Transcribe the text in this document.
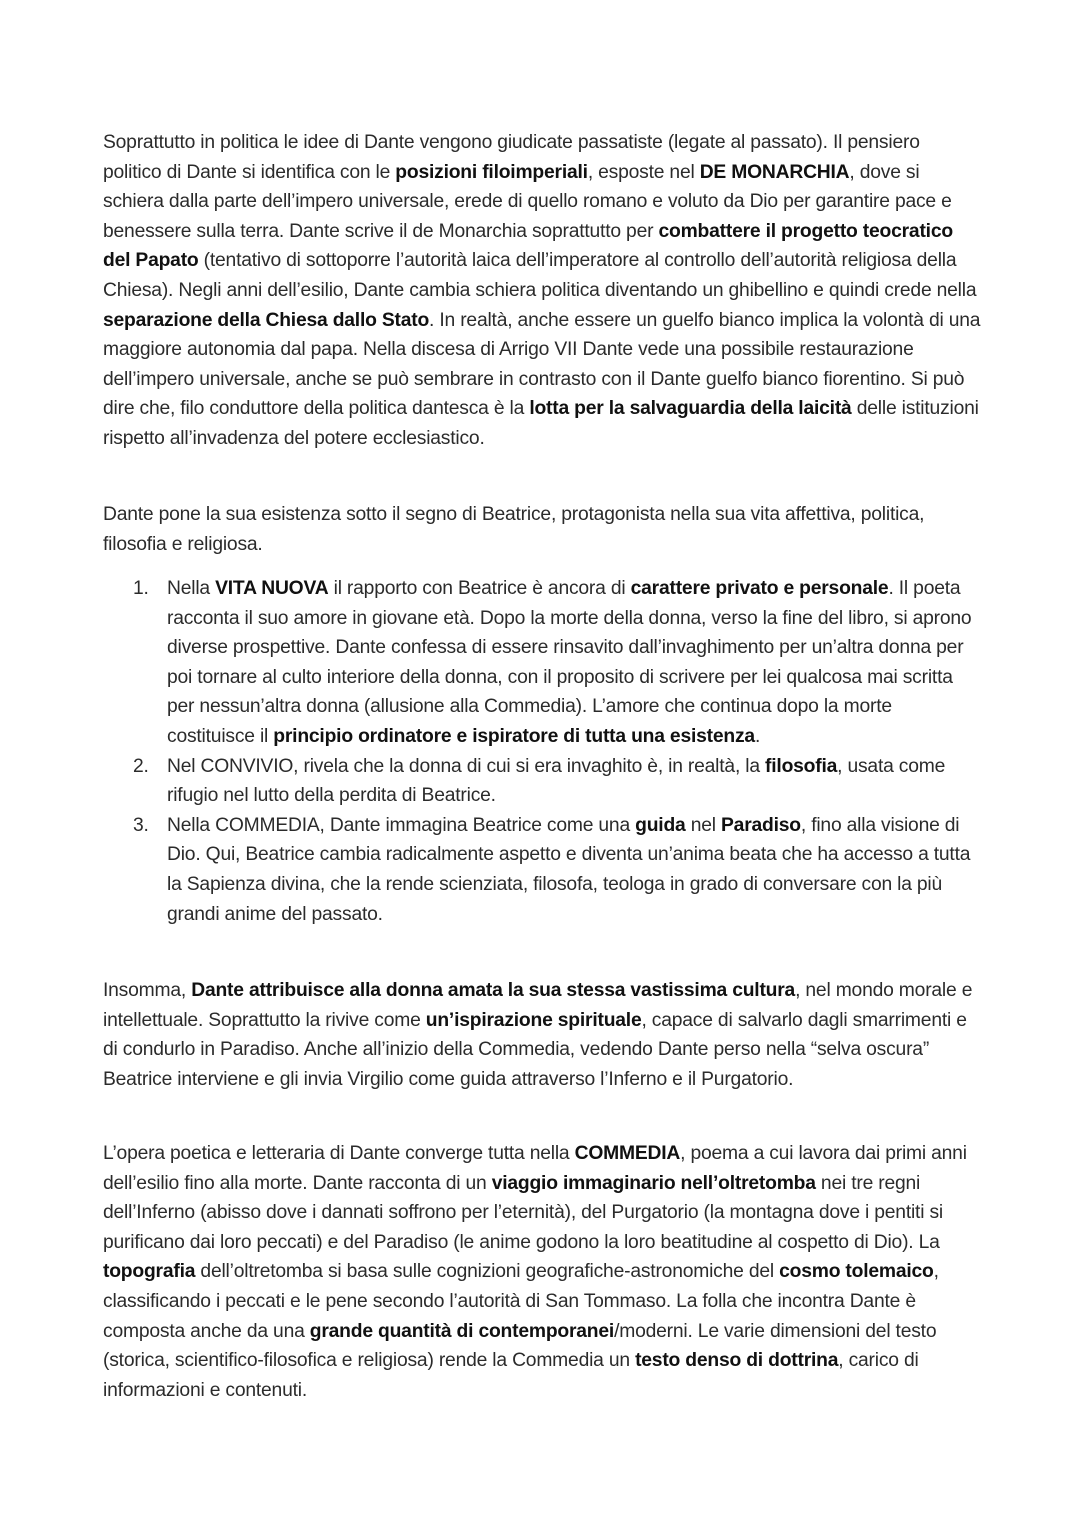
Soprattutto in politica le idee di Dante vengono giudicate passatiste (legate al passato). Il pensiero politico di Dante si identifica con le posizioni filoimperiali, esposte nel DE MONARCHIA, dove si schiera dalla parte dell’impero universale, erede di quello romano e voluto da Dio per garantire pace e benessere sulla terra. Dante scrive il de Monarchia soprattutto per combattere il progetto teocratico del Papato (tentativo di sottoporre l’autorità laica dell’imperatore al controllo dell’autorità religiosa della Chiesa). Negli anni dell’esilio, Dante cambia schiera politica diventando un ghibellino e quindi crede nella separazione della Chiesa dallo Stato. In realtà, anche essere un guelfo bianco implica la volontà di una maggiore autonomia dal papa. Nella discesa di Arrigo VII Dante vede una possibile restaurazione dell’impero universale, anche se può sembrare in contrasto con il Dante guelfo bianco fiorentino. Si può dire che, filo conduttore della politica dantesca è la lotta per la salvaguardia della laicità delle istituzioni rispetto all’invadenza del potere ecclesiastico.

Dante pone la sua esistenza sotto il segno di Beatrice, protagonista nella sua vita affettiva, politica, filosofia e religiosa.

1. Nella VITA NUOVA il rapporto con Beatrice è ancora di carattere privato e personale. Il poeta racconta il suo amore in giovane età. Dopo la morte della donna, verso la fine del libro, si aprono diverse prospettive. Dante confessa di essere rinsavito dall’invaghimento per un’altra donna per poi tornare al culto interiore della donna, con il proposito di scrivere per lei qualcosa mai scritta per nessun’altra donna (allusione alla Commedia). L’amore che continua dopo la morte costituisce il principio ordinatore e ispiratore di tutta una esistenza.
2. Nel CONVIVIO, rivela che la donna di cui si era invaghito è, in realtà, la filosofia, usata come rifugio nel lutto della perdita di Beatrice.
3. Nella COMMEDIA, Dante immagina Beatrice come una guida nel Paradiso, fino alla visione di Dio. Qui, Beatrice cambia radicalmente aspetto e diventa un’anima beata che ha accesso a tutta la Sapienza divina, che la rende scienziata, filosofa, teologa in grado di conversare con la più grandi anime del passato.

Insomma, Dante attribuisce alla donna amata la sua stessa vastissima cultura, nel mondo morale e intellettuale. Soprattutto la rivive come un’ispirazione spirituale, capace di salvarlo dagli smarrimenti e di condurlo in Paradiso. Anche all’inizio della Commedia, vedendo Dante perso nella “selva oscura” Beatrice interviene e gli invia Virgilio come guida attraverso l’Inferno e il Purgatorio.

L’opera poetica e letteraria di Dante converge tutta nella COMMEDIA, poema a cui lavora dai primi anni dell’esilio fino alla morte. Dante racconta di un viaggio immaginario nell’oltretomba nei tre regni dell’Inferno (abisso dove i dannati soffrono per l’eternità), del Purgatorio (la montagna dove i pentiti si purificano dai loro peccati) e del Paradiso (le anime godono la loro beatitudine al cospetto di Dio). La topografia dell’oltretomba si basa sulle cognizioni geografiche-astronomiche del cosmo tolemaico, classificando i peccati e le pene secondo l’autorità di San Tommaso. La folla che incontra Dante è composta anche da una grande quantità di contemporanei/moderni. Le varie dimensioni del testo (storica, scientifico-filosofica e religiosa) rende la Commedia un testo denso di dottrina, carico di informazioni e contenuti.
